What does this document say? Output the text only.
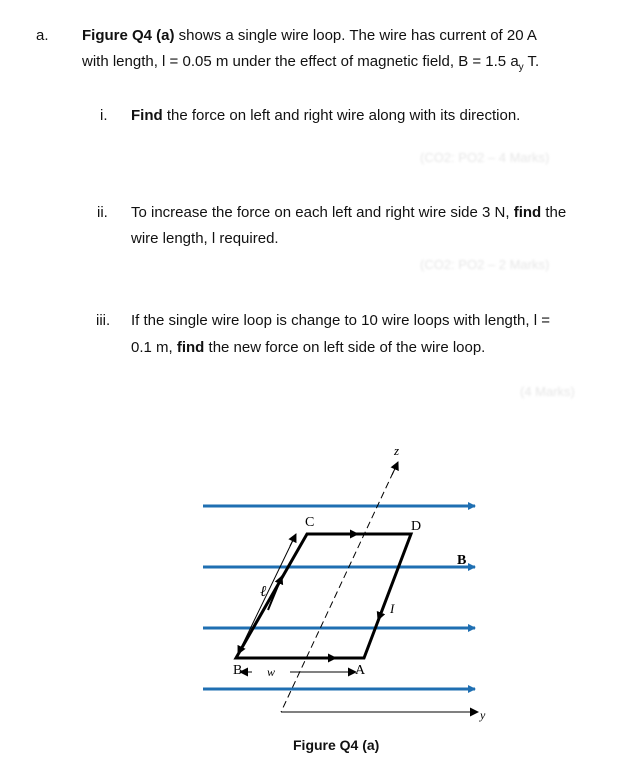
a. Figure Q4 (a) shows a single wire loop. The wire has current of 20 A
with length, l = 0.05 m under the effect of magnetic field, B = 1.5 $a_y$ T.
i. Find the force on left and right wire along with its direction.
(CO2: PO2 – 4 Marks)
ii. To increase the force on each left and right wire side 3 N, find the
wire length, l required.
(CO2: PO2 – 2 Marks)
iii. If the single wire loop is change to 10 wire loops with length, l =
0.1 m, find the new force on left side of the wire loop.
(4 Marks)
z
y
B
C	D
B	A
I
ℓ
w
Figure Q4 (a)
